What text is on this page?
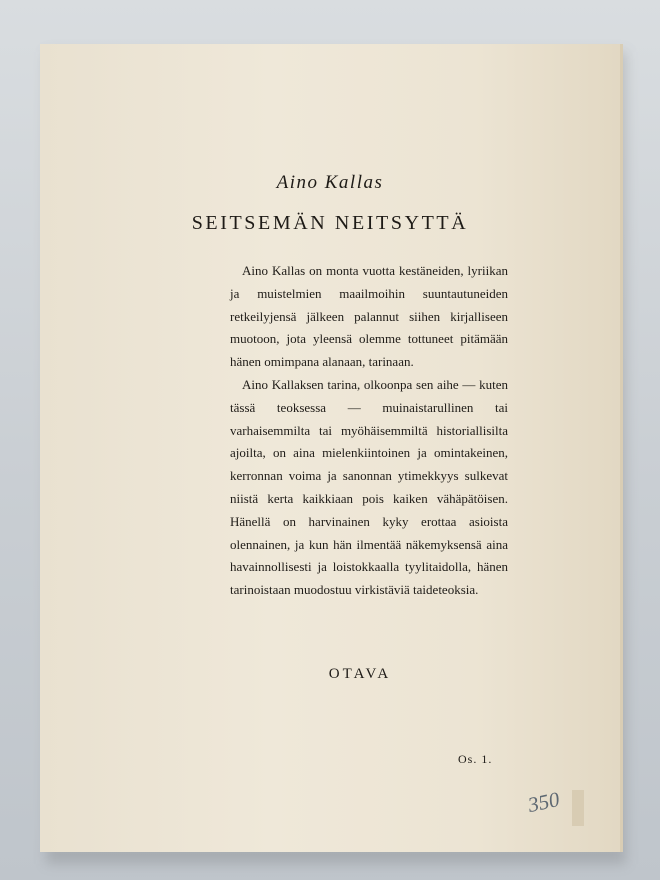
Aino Kallas
SEITSEMÄN NEITSYTTÄ

Aino Kallas on monta vuotta kestäneiden, lyriikan ja muistelmien maailmoihin suuntautuneiden retkeilyjensä jälkeen palannut siihen kirjalliseen muotoon, jota yleensä olemme tottuneet pitämään hänen omimpana alanaan, tarinaan.

Aino Kallaksen tarina, olkoonpa sen aihe — kuten tässä teoksessa — muinaistarullinen tai varhaisemmilta tai myöhäisemmiltä historiallisilta ajoilta, on aina mielenkiintoinen ja omintakeinen, kerronnan voima ja sanonnan ytimekkyys sulkevat niistä kerta kaikkiaan pois kaiken vähäpätöisen. Hänellä on harvinainen kyky erottaa asioista olennainen, ja kun hän ilmentää näkemyksensä aina havainnollisesti ja loistokkaalla tyylitaidolla, hänen tarinoistaan muodostuu virkistäviä taideteoksia.

OTAVA
Os. 1.
350
